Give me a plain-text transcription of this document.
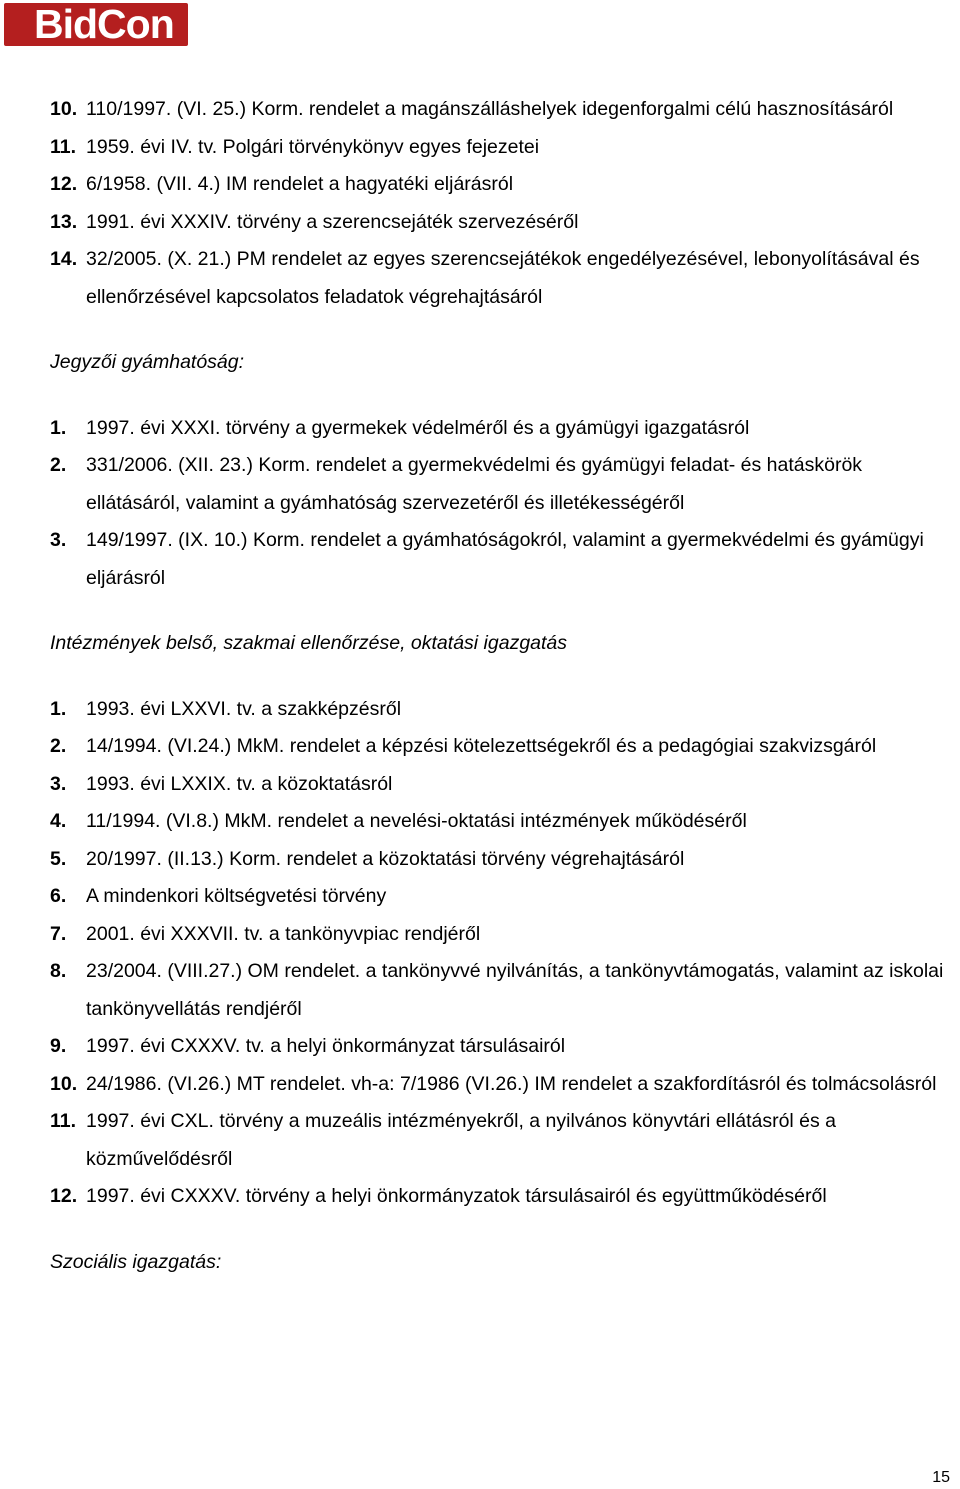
BidCon
10. 110/1997. (VI. 25.) Korm. rendelet a magánszálláshelyek idegenforgalmi célú hasznosításáról
11. 1959. évi IV. tv. Polgári törvénykönyv egyes fejezetei
12. 6/1958. (VII. 4.) IM rendelet a hagyatéki eljárásról
13. 1991. évi XXXIV. törvény a szerencsejáték szervezéséről
14. 32/2005. (X. 21.) PM rendelet az egyes szerencsejátékok engedélyezésével, lebonyolításával és ellenőrzésével kapcsolatos feladatok végrehajtásáról
Jegyzői gyámhatóság:
1. 1997. évi XXXI. törvény a gyermekek védelméről és a gyámügyi igazgatásról
2. 331/2006. (XII. 23.) Korm. rendelet a gyermekvédelmi és gyámügyi feladat- és hatáskörök ellátásáról, valamint a gyámhatóság szervezetéről és illetékességéről
3. 149/1997. (IX. 10.) Korm. rendelet a gyámhatóságokról, valamint a gyermekvédelmi és gyámügyi eljárásról
Intézmények belső, szakmai ellenőrzése, oktatási igazgatás
1. 1993. évi LXXVI. tv. a szakképzésről
2. 14/1994. (VI.24.) MkM. rendelet a képzési kötelezettségekről és a pedagógiai szakvizsgáról
3. 1993. évi LXXIX. tv. a közoktatásról
4. 11/1994. (VI.8.) MkM. rendelet a nevelési-oktatási intézmények működéséről
5. 20/1997. (II.13.) Korm. rendelet a közoktatási törvény végrehajtásáról
6. A mindenkori költségvetési törvény
7. 2001. évi XXXVII. tv. a tankönyvpiac rendjéről
8. 23/2004. (VIII.27.) OM rendelet. a tankönyvvé nyilvánítás, a tankönyvtámogatás, valamint az iskolai tankönyvellátás rendjéről
9. 1997. évi CXXXV. tv. a helyi önkormányzat társulásairól
10. 24/1986. (VI.26.) MT rendelet. vh-a: 7/1986 (VI.26.) IM rendelet a szakfordításról és tolmácsolásról
11. 1997. évi CXL. törvény a muzeális intézményekről, a nyilvános könyvtári ellátásról és a közművelődésről
12. 1997. évi CXXXV. törvény a helyi önkormányzatok társulásairól és együttműködéséről
Szociális igazgatás:
15
